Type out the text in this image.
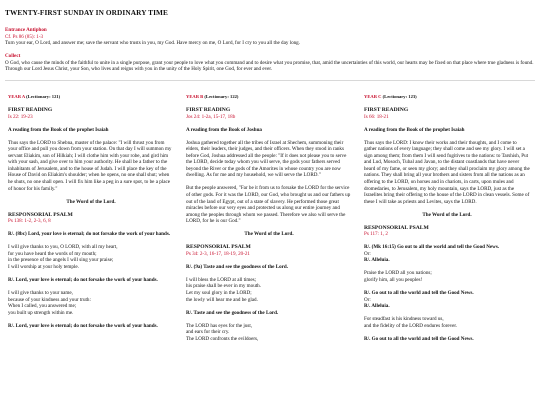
TWENTY-FIRST SUNDAY IN ORDINARY TIME
Entrance Antiphon
Cf. Ps 86 (85): 1-3
Turn your ear, O Lord, and answer me; save the servant who trusts in you, my God. Have mercy on me, O Lord, for I cry to you all the day long.
Collect
O God, who cause the minds of the faithful to unite in a single purpose, grant your people to love what you command and to desire what you promise, that, amid the uncertainties of this world, our hearts may be fixed on that place where true gladness is found. Through our Lord Jesus Christ, your Son, who lives and reigns with you in the unity of the Holy Spirit, one God, for ever and ever.

YEAR A (Lectionary: 121)

FIRST READING

Is 22: 19-23

A reading from the Book of the prophet Isaiah

Thus says the LORD to Shebna, master of the palace: "I will thrust you from your office and pull you down from your station. On that day I will summon my servant Eliakim, son of Hilkiah; I will clothe him with your robe, and gird him with your sash, and give over to him your authority. He shall be a father to the inhabitants of Jerusalem, and to the house of Judah. I will place the key of the House of David on Eliakim's shoulder; when he opens, no one shall shut; when he shuts, no one shall open. I will fix him like a peg in a sure spot, to be a place of honor for his family."

The Word of the Lord.

RESPONSORIAL PSALM

Ps 138: 1-2, 2-3, 6, 8

R/. (8bc) Lord, your love is eternal; do not forsake the work of your hands.

I will give thanks to you, O LORD, with all my heart,

for you have heard the words of my mouth;

in the presence of the angels I will sing your praise;

I will worship at your holy temple.

R/. Lord, your love is eternal; do not forsake the work of your hands.

I will give thanks to your name,

because of your kindness and your truth:

When I called, you answered me;

you built up strength within me.

R/. Lord, your love is eternal; do not forsake the work of your hands.

YEAR B (Lectionary: 122)

FIRST READING

Jos 24: 1-2a, 15-17, 18b

A reading from the Book of Joshua

Joshua gathered together all the tribes of Israel at Shechem, summoning their elders, their leaders, their judges, and their officers. When they stood in ranks before God, Joshua addressed all the people: "If it does not please you to serve the LORD, decide today whom you will serve, the gods your fathers served beyond the River or the gods of the Amorites in whose country you are now dwelling. As for me and my household, we will serve the LORD."

But the people answered, "Far be it from us to forsake the LORD for the service of other gods. For it was the LORD, our God, who brought us and our fathers up out of the land of Egypt, out of a state of slavery. He performed those great miracles before our very eyes and protected us along our entire journey and among the peoples through whom we passed. Therefore we also will serve the LORD, for he is our God."

The Word of the Lord.

RESPONSORIAL PSALM

Ps 34: 2-3, 16-17, 18-19, 20-21

R/. (9a) Taste and see the goodness of the Lord.

I will bless the LORD at all times;

his praise shall be ever in my mouth.

Let my soul glory in the LORD;

the lowly will hear me and be glad.

R/. Taste and see the goodness of the Lord.

The LORD has eyes for the just,

and ears for their cry.

The LORD confronts the evildoers,

YEAR C (Lectionary: 123)

FIRST READING

Is 66: 18-21

A reading from the Book of the prophet Isaiah

Thus says the LORD: I know their works and their thoughts, and I come to gather nations of every language; they shall come and see my glory. I will set a sign among them; from them I will send fugitives to the nations: to Tarshish, Put and Lud, Mosoch, Tubal and Javan, to the distant coastlands that have never heard of my fame, or seen my glory; and they shall proclaim my glory among the nations. They shall bring all your brothers and sisters from all the nations as an offering to the LORD, on horses and in chariots, in carts, upon mules and dromedaries, to Jerusalem, my holy mountain, says the LORD, just as the Israelites bring their offering to the house of the LORD in clean vessels. Some of these I will take as priests and Levites, says the LORD.

The Word of the Lord.

RESPONSORIAL PSALM

Ps 117: 1, 2

R/. (Mk 16:15) Go out to all the world and tell the Good News.

Or:

R/. Alleluia.

Praise the LORD all you nations;

glorify him, all you peoples!

R/. Go out to all the world and tell the Good News.

Or:

R/. Alleluia.

For steadfast is his kindness toward us,

and the fidelity of the LORD endures forever.

R/. Go out to all the world and tell the Good News.
